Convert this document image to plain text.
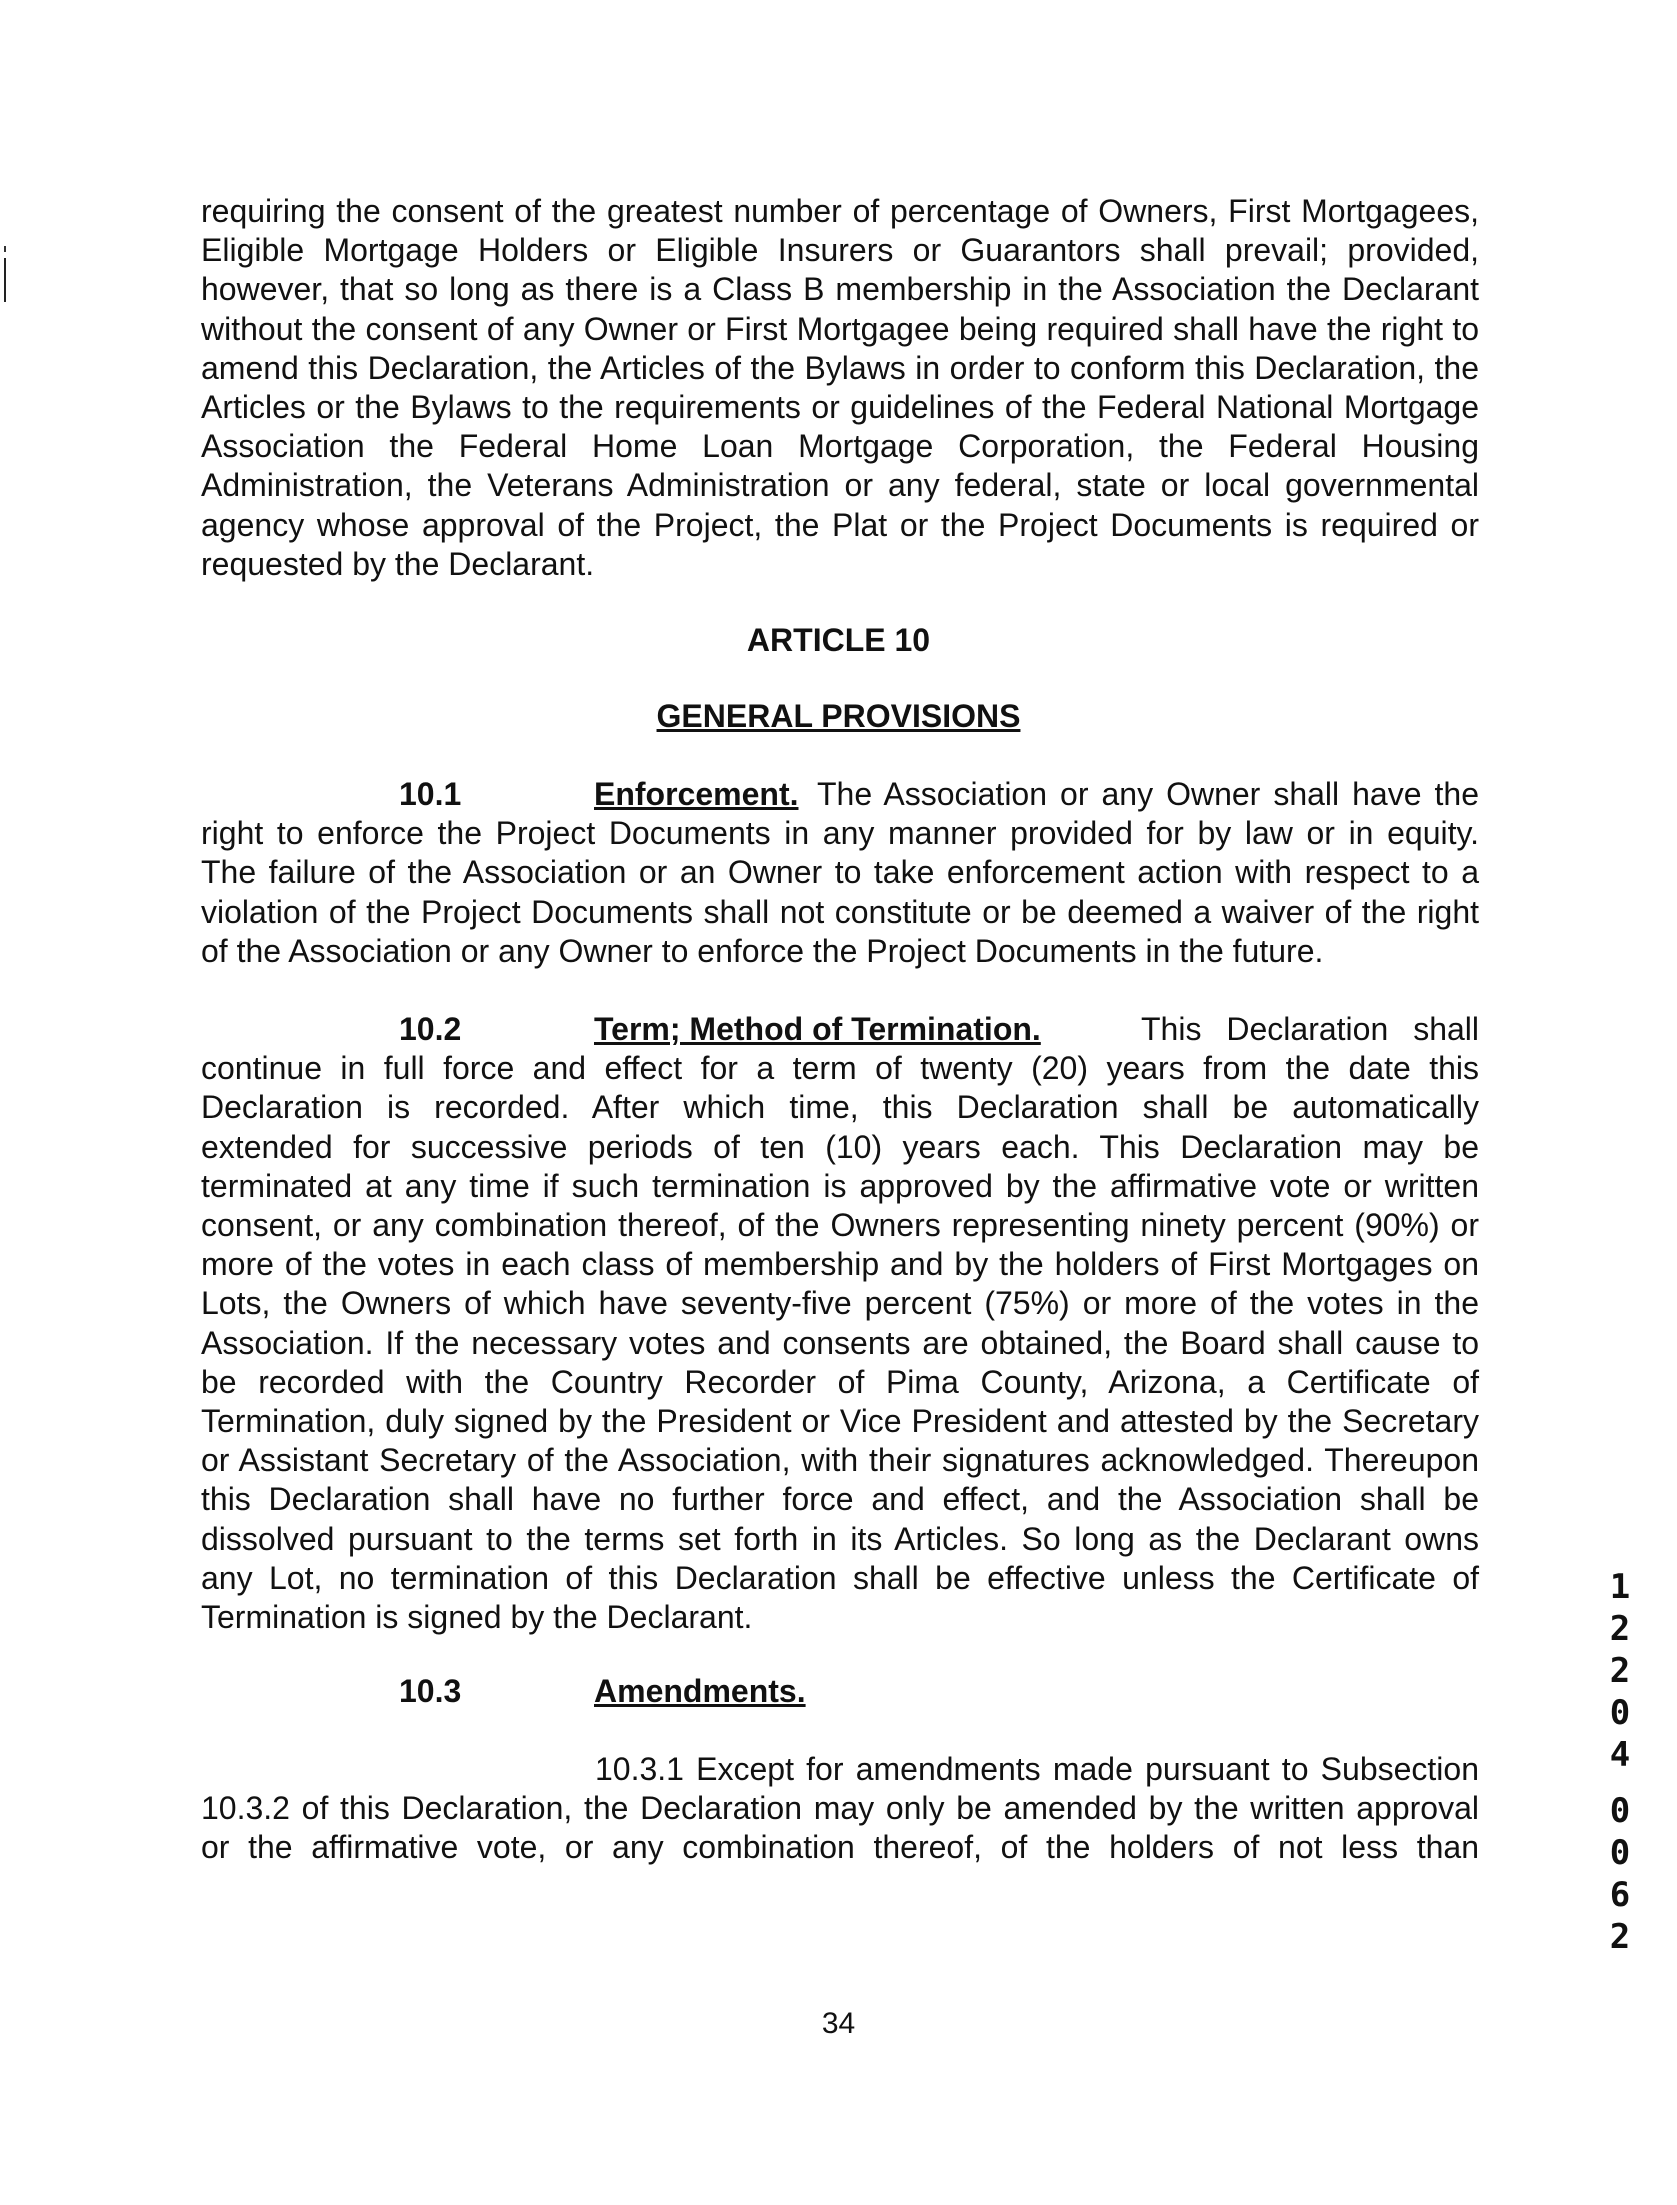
requiring the consent of the greatest number of percentage of Owners, First Mortgagees,
Eligible Mortgage Holders or Eligible Insurers or Guarantors shall prevail; provided,
however, that so long as there is a Class B membership in the Association the Declarant
without the consent of any Owner or First Mortgagee being required shall have the right to
amend this Declaration, the Articles of the Bylaws in order to conform this Declaration, the
Articles or the Bylaws to the requirements or guidelines of the Federal National Mortgage
Association the Federal Home Loan Mortgage Corporation, the Federal Housing
Administration, the Veterans Administration or any federal, state or local governmental
agency whose approval of the Project, the Plat or the Project Documents is required or
requested by the Declarant.
ARTICLE 10
GENERAL PROVISIONS
10.1	Enforcement. The Association or any Owner shall have the
right to enforce the Project Documents in any manner provided for by law or in equity.
The failure of the Association or an Owner to take enforcement action with respect to a
violation of the Project Documents shall not constitute or be deemed a waiver of the right
of the Association or any Owner to enforce the Project Documents in the future.
10.2	Term; Method of Termination.	This Declaration shall
continue in full force and effect for a term of twenty (20) years from the date this
Declaration is recorded. After which time, this Declaration shall be automatically
extended for successive periods of ten (10) years each. This Declaration may be
terminated at any time if such termination is approved by the affirmative vote or written
consent, or any combination thereof, of the Owners representing ninety percent (90%) or
more of the votes in each class of membership and by the holders of First Mortgages on
Lots, the Owners of which have seventy-five percent (75%) or more of the votes in the
Association. If the necessary votes and consents are obtained, the Board shall cause to
be recorded with the Country Recorder of Pima County, Arizona, a Certificate of
Termination, duly signed by the President or Vice President and attested by the Secretary
or Assistant Secretary of the Association, with their signatures acknowledged. Thereupon
this Declaration shall have no further force and effect, and the Association shall be
dissolved pursuant to the terms set forth in its Articles. So long as the Declarant owns
any Lot, no termination of this Declaration shall be effective unless the Certificate of
Termination is signed by the Declarant.
10.3	Amendments.
10.3.1 Except for amendments made pursuant to Subsection
10.3.2 of this Declaration, the Declaration may only be amended by the written approval
or the affirmative vote, or any combination thereof, of the holders of not less than
1
2
2
0
4
0
0
6
2
34
